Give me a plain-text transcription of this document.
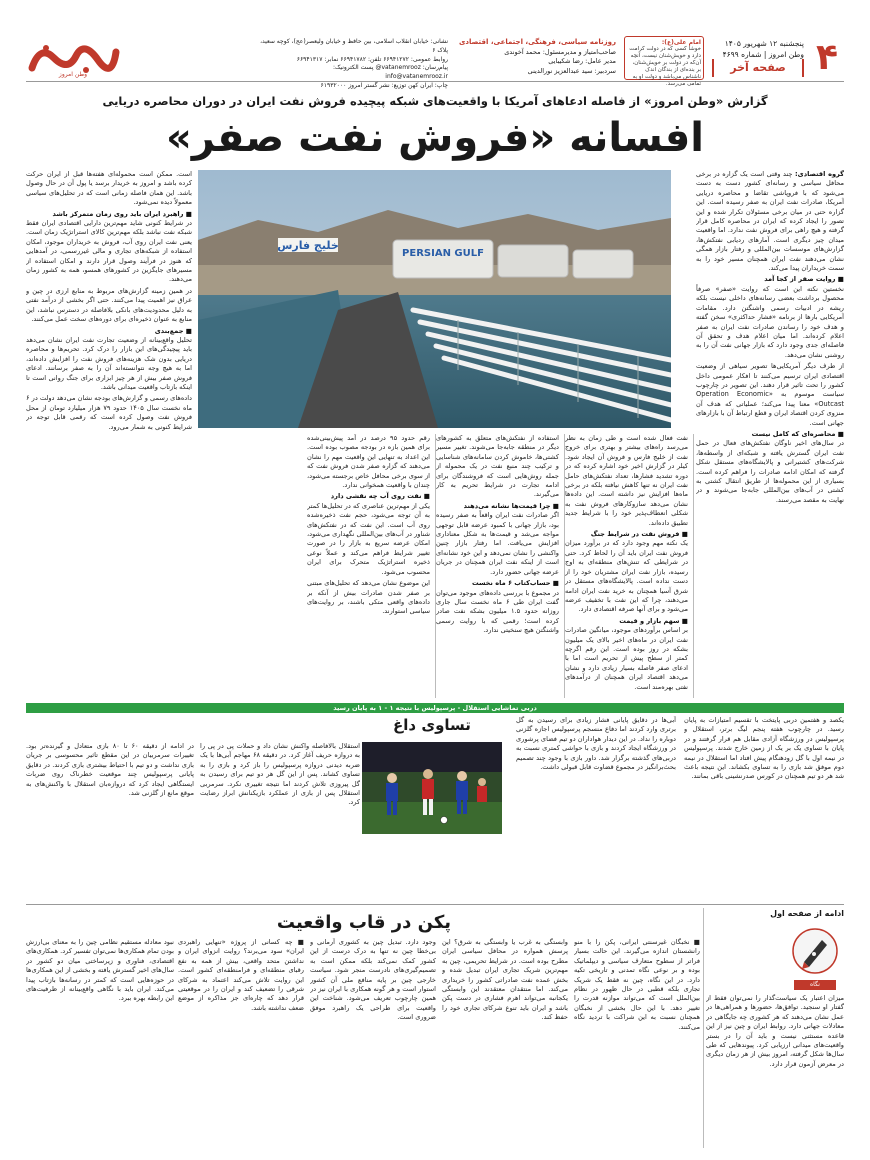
۴
پنجشنبه ۱۲ شهریور ۱۴۰۵
وطن امروز | شماره ۴۶۹۹
صفحه آخر
امام علی(ع):
خوشا کسی که در دولت کرامت دارد و خویش‌شنان نیست، آنچه آن‌که در دولت بر خویش‌شنان، بر بنده‌ای از بندگان اندک ناشناس می‌باشد و دولت او به تمامی می‌رسد.
روزنامه سیاسی، فرهنگی، اجتماعی، اقتصادی
صاحب‌امتیاز و مدیرمسئول: محمد آخوندی
مدیر عامل: رضا شکیبایی
سردبیر: سید عبدالعزیز نورالدینی
نشانی: خیابان انقلاب اسلامی، بین حافظ و خیابان ولیعصر(عج)، کوچه سعید، پلاک ۶
روابط عمومی: ۶۶۹۴۱۲۷۲ تلفن: ۶۶۹۴۱۷۸۲ نمابر: ۶۶۹۴۱۳۱۷
پیام‌رسان: vatanemrooz@ پست الکترونیک:
info@vatanemrooz.ir
چاپ: ایران کهن توزیع: نشر گستر امروز ۶۱۹۳۲۰۰۰
وطن امروز
گزارش «وطن امروز» از فاصله ادعاهای آمریکا با واقعیت‌های شبکه پیچیده فروش نفت ایران در دوران محاصره دریایی
افسانه «فروش نفت صفر»

گروه اقتصادی: چند وقتی است یک گزاره در برخی محافل سیاسی و رسانه‌ای کشور دست به دست می‌شود که با فروپاشی تقاضا و محاصره دریایی آمریکا، صادرات نفت ایران به صفر رسیده است. این گزاره حتی در میان برخی مسئولان تکرار شده و این تصور را ایجاد کرده که ایران در محاصره کامل قرار گرفته و هیچ راهی برای فروش نفت ندارد. اما واقعیت میدان چیز دیگری است. آمارهای ردیابی نفتکش‌ها، گزارش‌های موسسات بین‌المللی و رفتار بازار همگی نشان می‌دهند نفت ایران همچنان مسیر خود را به سمت خریداران پیدا می‌کند.

■ روایت صفر از کجا آمد
نخستین نکته این است که روایت «صفر» صرفاً محصول برداشت بعضی رسانه‌های داخلی نیست بلکه ریشه در ادبیات رسمی واشنگتن دارد. مقامات آمریکایی بارها از برنامه «فشار حداکثری» سخن گفته و هدف خود را رساندن صادرات نفت ایران به صفر اعلام کرده‌اند. اما میان اعلام هدف و تحقق آن فاصله‌ای جدی وجود دارد که بازار جهانی نفت آن را به روشنی نشان می‌دهد.

از طرف دیگر آمریکایی‌ها تصویر سیاهی از وضعیت اقتصادی ایران ترسیم می‌کنند تا افکار عمومی داخل کشور را تحت تاثیر قرار دهند. این تصویر در چارچوب سیاست موسوم به «Operation Economic Outcast» معنا پیدا می‌کند؛ عملیاتی که هدف آن منزوی کردن اقتصاد ایران و قطع ارتباط آن با بازارهای جهانی است.

■ محاصره‌ای که کامل نیست
در سال‌های اخیر ناوگان نفتکش‌های فعال در حمل نفت ایران گسترش یافته و شبکه‌ای از واسطه‌ها، شرکت‌های کشتیرانی و پالایشگاه‌های مستقل شکل گرفته که امکان ادامه صادرات را فراهم کرده است. بسیاری از این محموله‌ها از طریق انتقال کشتی به کشتی در آب‌های بین‌المللی جابه‌جا می‌شوند و در نهایت به مقصد می‌رسند.

خلیج فارس
PERSIAN GULF

نفت فعال شده است و طی زمان به نظر می‌رسد راه‌های بیشتر و بهتری برای خروج نفت از خلیج فارس و فروش آن ایجاد شود. کیلر در گزارش اخیر خود اشاره کرده که در دوره تشدید فشارها، تعداد نفتکش‌های حامل نفت ایران نه تنها کاهش نیافته بلکه در برخی ماه‌ها افزایش نیز داشته است. این داده‌ها نشان می‌دهد سازوکارهای فروش نفت به شکلی انعطاف‌پذیر خود را با شرایط جدید تطبیق داده‌اند.

■ فروش نفت در شرایط جنگ
یک نکته مهم وجود دارد که در برآورد میزان فروش نفت ایران باید آن را لحاظ کرد. حتی در شرایطی که تنش‌های منطقه‌ای به اوج رسیده، بازار نفت ایران مشتریان خود را از دست نداده است. پالایشگاه‌های مستقل در شرق آسیا همچنان به خرید نفت ایران ادامه می‌دهند، چرا که این نفت با تخفیف عرضه می‌شود و برای آنها صرفه اقتصادی دارد.

■ سهم بازار و قیمت
بر اساس برآوردهای موجود، میانگین صادرات نفت ایران در ماه‌های اخیر بالای یک میلیون بشکه در روز بوده است. این رقم اگرچه کمتر از سطح پیش از تحریم است اما با ادعای صفر فاصله بسیار زیادی دارد و نشان می‌دهد اقتصاد ایران همچنان از درآمدهای نفتی بهره‌مند است.

استفاده از نفتکش‌های متعلق به کشورهای دیگر در منطقه جابه‌جا می‌شوند. تغییر مسیر کشتی‌ها، خاموش کردن سامانه‌های شناسایی و ترکیب چند منبع نفت در یک محموله از جمله روش‌هایی است که فروشندگان برای ادامه تجارت در شرایط تحریم به کار می‌گیرند.

■ چرا قیمت‌ها نشانه می‌دهند
اگر صادرات نفت ایران واقعاً به صفر رسیده بود، بازار جهانی با کمبود عرضه قابل توجهی مواجه می‌شد و قیمت‌ها به شکل معناداری افزایش می‌یافت. اما رفتار بازار چنین واکنشی را نشان نمی‌دهد و این خود نشانه‌ای است از اینکه نفت ایران همچنان در جریان عرضه جهانی حضور دارد.

■ حساب‌کتاب ۶ ماه نخست
در مجموع با بررسی داده‌های موجود می‌توان گفت ایران طی ۶ ماه نخست سال جاری روزانه حدود ۱.۵ میلیون بشکه نفت صادر کرده است؛ رقمی که با روایت رسمی واشنگتن هیچ سنخیتی ندارد.

رقم حدود ۹۵ درصد در آمد پیش‌بینی‌شده برای همین بازه در بودجه مصوب بوده است. این اعداد به تنهایی این واقعیت مهم را نشان می‌دهند که گزاره صفر شدن فروش نفت که از سوی برخی محافل خاص برجسته می‌شود، چندان با واقعیت همخوانی ندارد.

■ نفت روی آب چه نقشی دارد
یکی از مهم‌ترین عناصری که در تحلیل‌ها کمتر به آن توجه می‌شود، حجم نفت ذخیره‌شده روی آب است. این نفت که در نفتکش‌های شناور در آب‌های بین‌المللی نگهداری می‌شود، امکان عرضه سریع به بازار را در صورت تغییر شرایط فراهم می‌کند و عملاً نوعی ذخیره استراتژیک متحرک برای ایران محسوب می‌شود.

این موضوع نشان می‌دهد که تحلیل‌های مبتنی بر صفر شدن صادرات بیش از آنکه بر داده‌های واقعی متکی باشند، بر روایت‌های سیاسی استوارند.

است. ممکن است محموله‌ای هفته‌ها قبل از ایران حرکت کرده باشد و امروز به خریدار برسد یا پول آن در حال وصول باشد. این همان فاصله زمانی است که در تحلیل‌های سیاسی معمولاً دیده نمی‌شود.

■ راهبرد ایران باید روی زمان متمرکز باشد
در شرایط کنونی شاید مهم‌ترین دارایی اقتصادی ایران فقط شبکه نفت نباشد بلکه مهم‌ترین کالای استراتژیک زمان است. یعنی نفت ایران روی آب، فروش به خریداران موجود، امکان استفاده از شبکه‌های تجاری و مالی غیررسمی، در آمدهایی که هنوز در فرآیند وصول قرار دارند و امکان استفاده از مسیرهای جایگزین در کشورهای همسو، همه به کشور زمان می‌دهند.

در همین زمینه گزارش‌های مربوط به منابع ارزی در چین و عراق نیز اهمیت پیدا می‌کنند. حتی اگر بخشی از درآمد نفتی به دلیل محدودیت‌های بانکی بلافاصله در دسترس نباشد، این منابع به عنوان ذخیره‌ای برای دوره‌های سخت عمل می‌کنند.

■ جمع‌بندی
تحلیل واقع‌بینانه از وضعیت تجارت نفت ایران نشان می‌دهد باید پیچیدگی‌های این بازار را درک کرد. تحریم‌ها و محاصره دریایی بدون شک هزینه‌های فروش نفت را افزایش داده‌اند، اما به هیچ وجه نتوانسته‌اند آن را به صفر برسانند. ادعای فروش صفر بیش از هر چیز ابزاری برای جنگ روانی است تا اینکه بازتاب واقعیت میدانی باشد.

داده‌های رسمی و گزارش‌های بودجه نشان می‌دهد دولت در ۶ ماه نخست سال ۱۴۰۵ حدود ۷۹ هزار میلیارد تومان از محل فروش نفت وصول کرده است که رقمی قابل توجه در شرایط کنونی به شمار می‌رود.

دربی تماشایی استقلال - پرسپولیس با نتیجه ۱ - ۱ به پایان رسید
تساوی داغ	یکصد و هفتمین دربی پایتخت با تقسیم امتیازات به پایان رسید. در چارچوب هفته پنجم لیگ برتر، استقلال و پرسپولیس در ورزشگاه آزادی مقابل هم قرار گرفتند و در پایان با تساوی یک بر یک از زمین خارج شدند. پرسپولیس در نیمه اول با گل زودهنگام پیش افتاد اما استقلال در نیمه دوم موفق شد بازی را به تساوی بکشاند. این نتیجه باعث شد هر دو تیم همچنان در کورس صدرنشینی باقی بمانند.
آبی‌ها در دقایق پایانی فشار زیادی برای رسیدن به گل برتری وارد کردند اما دفاع منسجم پرسپولیس اجازه گلزنی دوباره را نداد. در این دیدار هواداران دو تیم فضای پرشوری در ورزشگاه ایجاد کردند و بازی با حواشی کمتری نسبت به دربی‌های گذشته برگزار شد. داور بازی با وجود چند تصمیم بحث‌برانگیز در مجموع قضاوت قابل قبولی داشت.
استقلال بالافاصله واکنش نشان داد و حملات پی در پی را به دروازه حریف آغاز کرد. در دقیقه ۶۸ مهاجم آبی‌ها با یک ضربه دیدنی دروازه پرسپولیس را باز کرد و بازی را به تساوی کشاند. پس از این گل هر دو تیم برای رسیدن به گل پیروزی تلاش کردند اما نتیجه تغییری نکرد. سرمربی استقلال پس از بازی از عملکرد بازیکنانش ابراز رضایت کرد.
در ادامه از دقیقه ۶۰ تا ۸۰ بازی متعادل و گیرنده‌تر بود. تغییرات سرمربیان در این مقطع تاثیر محسوسی بر جریان بازی نداشت و دو تیم با احتیاط بیشتری بازی کردند. در دقایق پایانی پرسپولیس چند موقعیت خطرناک روی ضربات ایستگاهی ایجاد کرد که دروازه‌بان استقلال با واکنش‌های به موقع مانع از گلزنی شد.
پکن در قاب واقعیت	ادامه از صفحه اول
نگاه
میزان اعتبار یک سیاست‌گذار را نمی‌توان فقط از گفتار او سنجید. توافق‌ها، حضورها و همراهی‌ها در عمل نشان می‌دهند که هر کشوری چه جایگاهی در معادلات جهانی دارد. روابط ایران و چین نیز از این قاعده مستثنی نیست و باید آن را در بستر واقعیت‌های میدانی ارزیابی کرد. پیوندهایی که طی سال‌ها شکل گرفته، امروز بیش از هر زمان دیگری در معرض آزمون قرار دارد.
■ نخبگان غیرسنتی ایرانی، پکن را با منو رانشستان اندازه می‌گیرند. این حالت بسیار فراتر از سطوح متعارف سیاسی و دیپلماتیک بوده و بر نوعی نگاه تمدنی و تاریخی تکیه دارد. در این نگاه، چین نه فقط یک شریک تجاری بلکه قطبی در حال ظهور در نظام بین‌الملل است که می‌تواند موازنه قدرت را تغییر دهد. با این حال بخشی از نخبگان همچنان نسبت به این شراکت با تردید نگاه می‌کنند.
وابستگی به غرب یا وابستگی به شرق؟ این پرسش همواره در محافل سیاسی ایران مطرح بوده است. در شرایط تحریمی، چین به مهم‌ترین شریک تجاری ایران تبدیل شده و بخش عمده نفت صادراتی کشور را خریداری می‌کند. اما منتقدان معتقدند این وابستگی یکجانبه می‌تواند اهرم فشاری در دست پکن باشد و ایران باید تنوع شرکای تجاری خود را حفظ کند.
وجود دارد. تبدیل چین به کشوری آرمانی و بی‌خطا چین نه تنها به درک درست از این کشور کمک نمی‌کند بلکه ممکن است به تصمیم‌گیری‌های نادرست منجر شود. سیاست خارجی چین بر پایه منافع ملی آن کشور استوار است و هر گونه همکاری با ایران نیز در همین چارچوب تعریف می‌شود. شناخت این واقعیت برای طراحی یک راهبرد موفق ضروری است.
■ چه کسانی از پروژه «تنهایی راهبردی ایران» سود می‌برند؟ روایت انزوای ایران و نداشتن متحد واقعی، بیش از همه به نفع رقبای منطقه‌ای و فرامنطقه‌ای کشور است. این روایت تلاش می‌کند اعتماد به شرکای شرقی را تضعیف کند و ایران را در موقعیتی قرار دهد که چاره‌ای جز مذاکره از موضع ضعف نداشته باشد.
نبود معادله مستقیم نظامی چین را به معنای بی‌ارزش بودن تمام همکاری‌ها نمی‌توان تفسیر کرد. همکاری‌های اقتصادی، فناوری و زیرساختی میان دو کشور در سال‌های اخیر گسترش یافته و بخشی از این همکاری‌ها در حوزه‌هایی است که کمتر در رسانه‌ها بازتاب پیدا می‌کند. ایران باید با نگاهی واقع‌بینانه از ظرفیت‌های این رابطه بهره ببرد.
